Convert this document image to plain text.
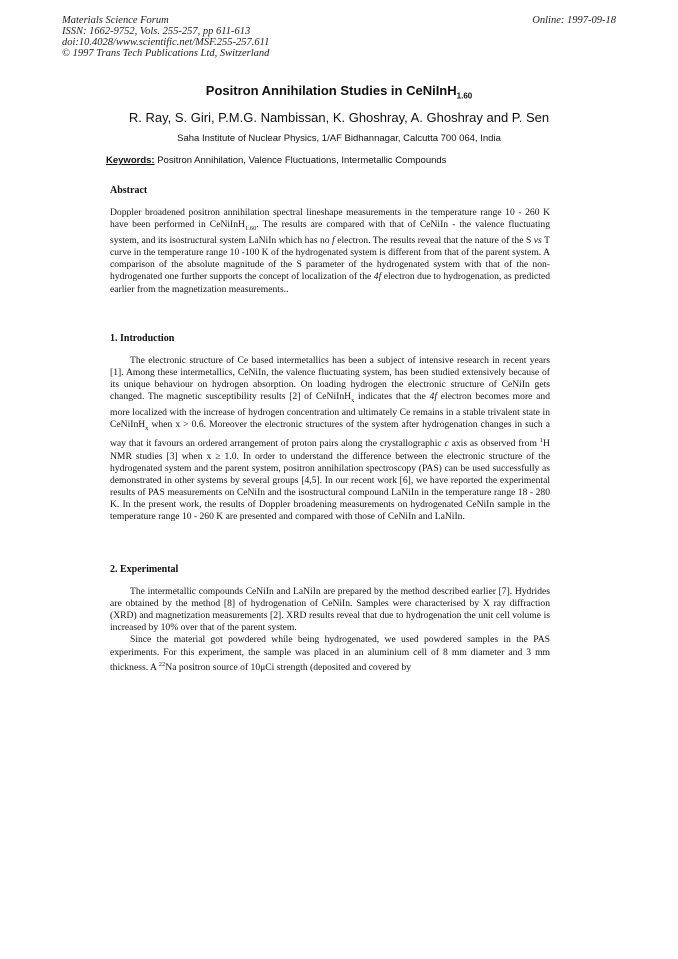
Materials Science Forum
ISSN: 1662-9752, Vols. 255-257, pp 611-613
doi:10.4028/www.scientific.net/MSF.255-257.611
© 1997 Trans Tech Publications Ltd, Switzerland
Online: 1997-09-18
Positron Annihilation Studies in CeNiInH$_{1.60}$
R. Ray, S. Giri, P.M.G. Nambissan, K. Ghoshray, A. Ghoshray and P. Sen
Saha Institute of Nuclear Physics, 1/AF Bidhannagar, Calcutta 700 064, India
Keywords: Positron Annihilation, Valence Fluctuations, Intermetallic Compounds
Abstract

Doppler broadened positron annihilation spectral lineshape measurements in the temperature range 10 - 260 K have been performed in CeNiInH$_{1.60}$. The results are compared with that of CeNiIn - the valence fluctuating system, and its isostructural system LaNiIn which has no f electron. The results reveal that the nature of the S vs T curve in the temperature range 10 -100 K of the hydrogenated system is different from that of the parent system. A comparison of the absolute magnitude of the S parameter of the hydrogenated system with that of the non-hydrogenated one further supports the concept of localization of the 4f electron due to hydrogenation, as predicted earlier from the magnetization measurements..

1. Introduction

The electronic structure of Ce based intermetallics has been a subject of intensive research in recent years [1]. Among these intermetallics, CeNiIn, the valence fluctuating system, has been studied extensively because of its unique behaviour on hydrogen absorption. On loading hydrogen the electronic structure of CeNiIn gets changed. The magnetic susceptibility results [2] of CeNiInH$_x$ indicates that the 4f electron becomes more and more localized with the increase of hydrogen concentration and ultimately Ce remains in a stable trivalent state in CeNiInH$_x$ when x > 0.6. Moreover the electronic structures of the system after hydrogenation changes in such a way that it favours an ordered arrangement of proton pairs along the crystallographic c axis as observed from $^1$H NMR studies [3] when x ≥ 1.0. In order to understand the difference between the electronic structure of the hydrogenated system and the parent system, positron annihilation spectroscopy (PAS) can be used successfully as demonstrated in other systems by several groups [4,5]. In our recent work [6], we have reported the experimental results of PAS measurements on CeNiIn and the isostructural compound LaNiIn in the temperature range 18 - 280 K. In the present work, the results of Doppler broadening measurements on hydrogenated CeNiIn sample in the temperature range 10 - 260 K are presented and compared with those of CeNiIn and LaNiIn.

2. Experimental

The intermetallic compounds CeNiIn and LaNiIn are prepared by the method described earlier [7]. Hydrides are obtained by the method [8] of hydrogenation of CeNiIn. Samples were characterised by X ray diffraction (XRD) and magnetization measurements [2]. XRD results reveal that due to hydrogenation the unit cell volume is increased by 10% over that of the parent system.

Since the material got powdered while being hydrogenated, we used powdered samples in the PAS experiments. For this experiment, the sample was placed in an aluminium cell of 8 mm diameter and 3 mm thickness. A $^{22}$Na positron source of 10μCi strength (deposited and covered by
